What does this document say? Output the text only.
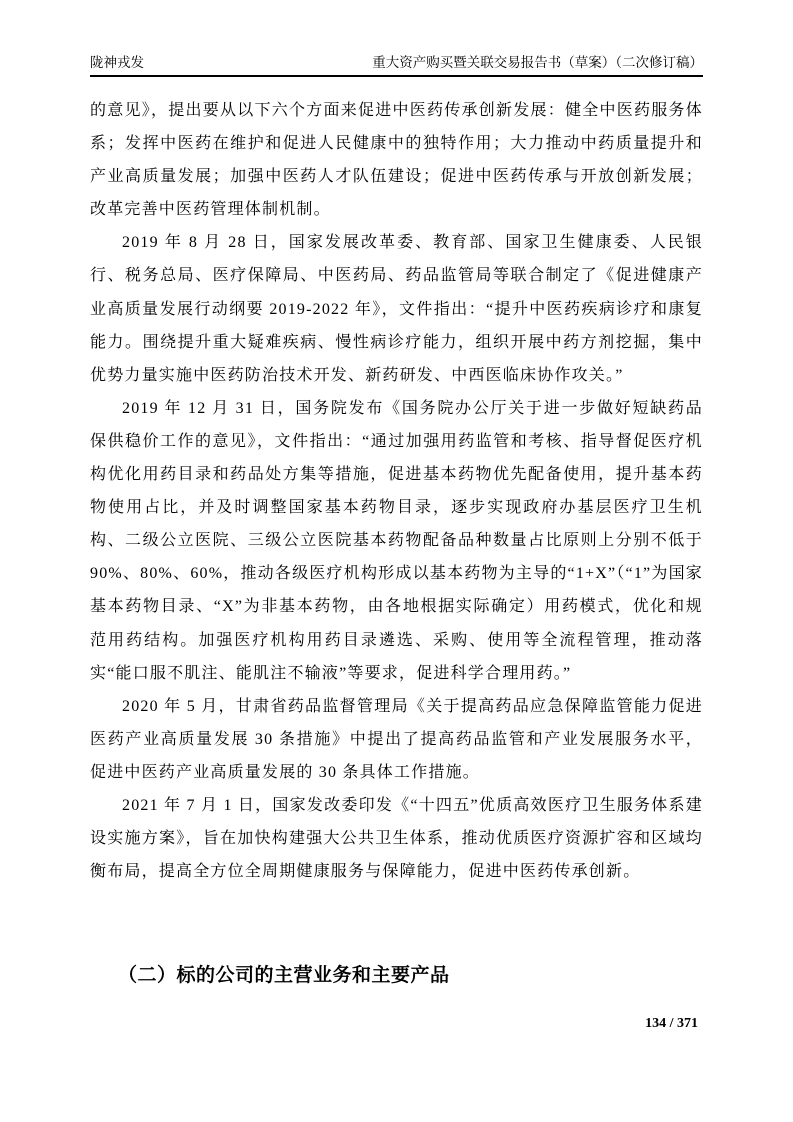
陇神戎发	重大资产购买暨关联交易报告书（草案）（二次修订稿）

的意见》，提出要从以下六个方面来促进中医药传承创新发展：健全中医药服务体系；发挥中医药在维护和促进人民健康中的独特作用；大力推动中药质量提升和产业高质量发展；加强中医药人才队伍建设；促进中医药传承与开放创新发展；改革完善中医药管理体制机制。

2019 年 8 月 28 日，国家发展改革委、教育部、国家卫生健康委、人民银行、税务总局、医疗保障局、中医药局、药品监管局等联合制定了《促进健康产业高质量发展行动纲要 2019-2022 年》，文件指出：“提升中医药疾病诊疗和康复能力。围绕提升重大疑难疾病、慢性病诊疗能力，组织开展中药方剂挖掘，集中优势力量实施中医药防治技术开发、新药研发、中西医临床协作攻关。”

2019 年 12 月 31 日，国务院发布《国务院办公厅关于进一步做好短缺药品保供稳价工作的意见》，文件指出：“通过加强用药监管和考核、指导督促医疗机构优化用药目录和药品处方集等措施，促进基本药物优先配备使用，提升基本药物使用占比，并及时调整国家基本药物目录，逐步实现政府办基层医疗卫生机构、二级公立医院、三级公立医院基本药物配备品种数量占比原则上分别不低于 90%、80%、60%，推动各级医疗机构形成以基本药物为主导的“1+X”（“1”为国家基本药物目录、“X”为非基本药物，由各地根据实际确定）用药模式，优化和规范用药结构。加强医疗机构用药目录遴选、采购、使用等全流程管理，推动落实“能口服不肌注、能肌注不输液”等要求，促进科学合理用药。”

2020 年 5 月，甘肃省药品监督管理局《关于提高药品应急保障监管能力促进医药产业高质量发展 30 条措施》中提出了提高药品监管和产业发展服务水平，促进中医药产业高质量发展的 30 条具体工作措施。

2021 年 7 月 1 日，国家发改委印发《“十四五”优质高效医疗卫生服务体系建设实施方案》，旨在加快构建强大公共卫生体系，推动优质医疗资源扩容和区域均衡布局，提高全方位全周期健康服务与保障能力，促进中医药传承创新。

（二）标的公司的主营业务和主要产品
134 / 371
